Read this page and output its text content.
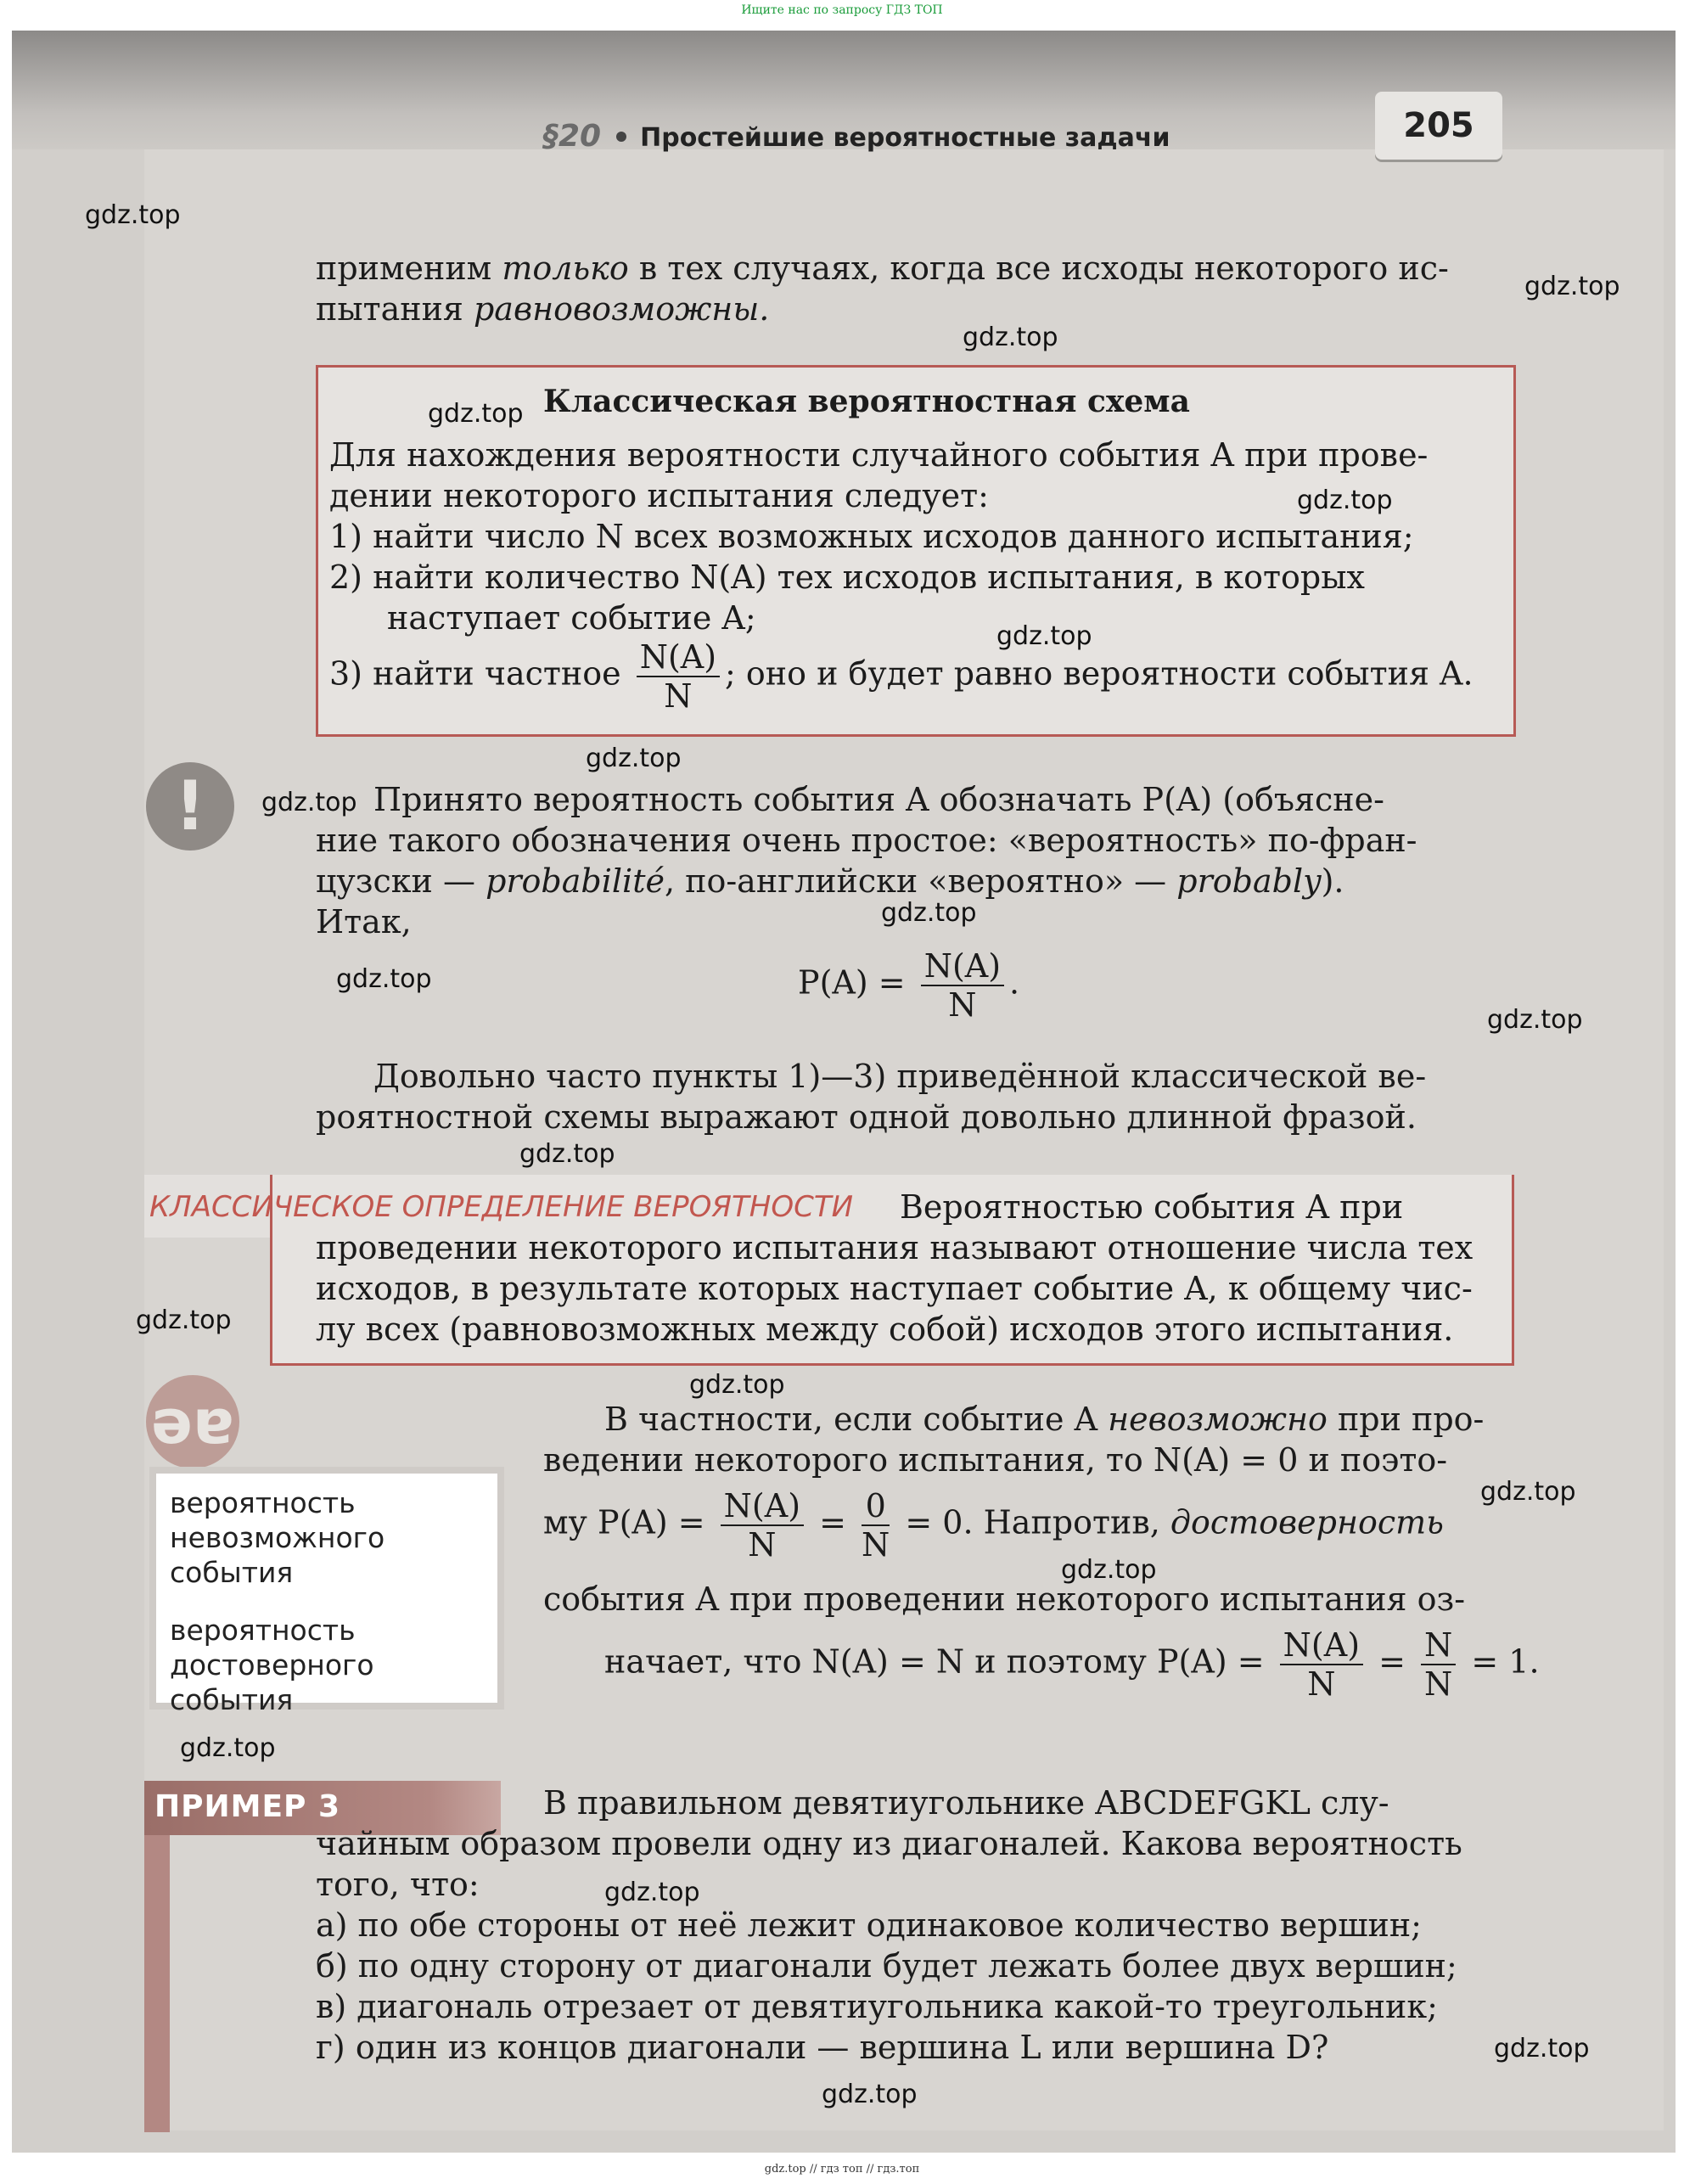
Ищите нас по запросу ГДЗ ТОП
§20 Простейшие вероятностные задачи	205
применим только в тех случаях, когда все исходы некоторого ис-
пытания равновозможны.
Классическая вероятностная схема
Для нахождения вероятности случайного события A при прове-
дении некоторого испытания следует:
1) найти число N всех возможных исходов данного испытания;
2) найти количество N(A) тех исходов испытания, в которых
наступает событие A;
3) найти частное $\frac{N(A)}{N}$ ; оно и будет равно вероятности события A.
!	Принято вероятность события A обозначать P(A) (объясне-
ние такого обозначения очень простое: «вероятность» по-фран-
цузски — probabilité, по-английски «вероятно» — probably).
Итак,
$P(A) = \frac{N(A)}{N}$ .
Довольно часто пункты 1)—3) приведённой классической ве-
роятностной схемы выражают одной довольно длинной фразой.
КЛАССИЧЕСКОЕ ОПРЕДЕЛЕНИЕ ВЕРОЯТНОСТИ Вероятностью события A при
проведении некоторого испытания называют отношение числа тех
исходов, в результате которых наступает событие A, к общему чис-
лу всех (равновозможных между собой) исходов этого испытания.
ǝɐ
вероятность
невозможного
события
вероятность
достоверного события
В частности, если событие A невозможно при про-
ведении некоторого испытания, то N(A) = 0 и поэто-
му $P(A) = \frac{N(A)}{N} = \frac{0}{N} = 0$. Напротив, достоверность
события A при проведении некоторого испытания оз-
начает, что N(A) = N и поэтому $P(A) = \frac{N(A)}{N} = \frac{N}{N} = 1$.
ПРИМЕР 3	В правильном девятиугольнике ABCDEFGKL слу-
чайным образом провели одну из диагоналей. Какова вероятность
того, что:
а) по обе стороны от неё лежит одинаковое количество вершин;
б) по одну сторону от диагонали будет лежать более двух вершин;
в) диагональ отрезает от девятиугольника какой-то треугольник;
г) один из концов диагонали — вершина L или вершина D?
gdz.top
gdz.top
gdz.top
gdz.top
gdz.top
gdz.top
gdz.top
gdz.top
gdz.top
gdz.top
gdz.top
gdz.top
gdz.top
gdz.top
gdz.top
gdz.top
gdz.top
gdz.top
gdz.top
gdz.top
gdz.top // гдз топ // гдз.топ
